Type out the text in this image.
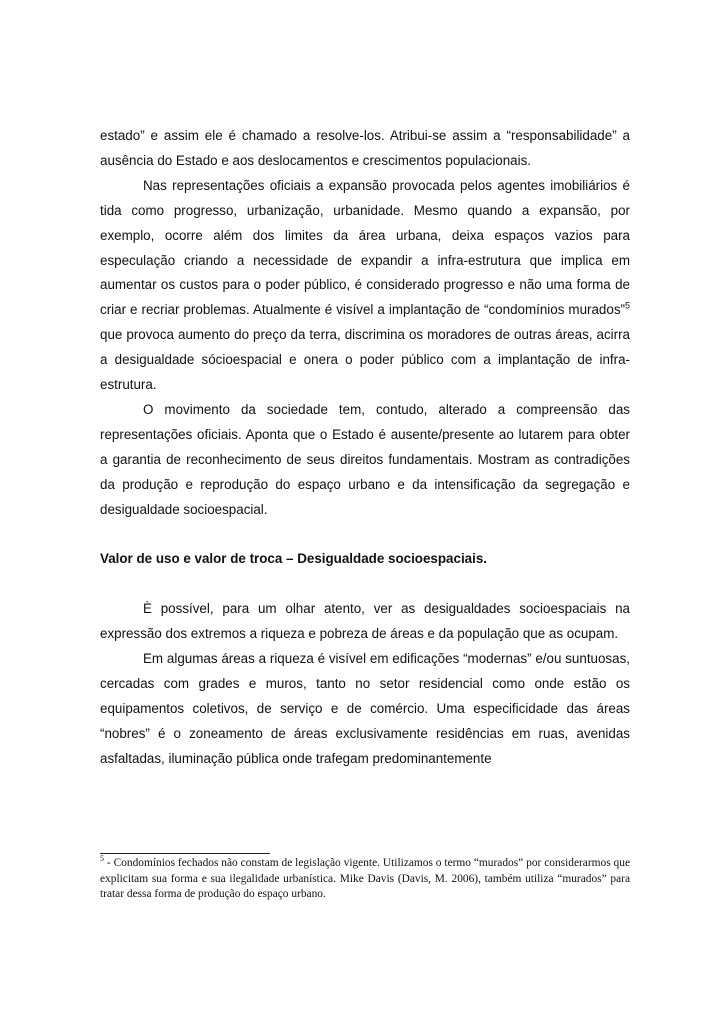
estado” e assim ele é chamado a resolve-los. Atribui-se assim a “responsabilidade” a ausência do Estado e aos deslocamentos e crescimentos populacionais.

Nas representações oficiais a expansão provocada pelos agentes imobiliários é tida como progresso, urbanização, urbanidade. Mesmo quando a expansão, por exemplo, ocorre além dos limites da área urbana, deixa espaços vazios para especulação criando a necessidade de expandir a infra-estrutura que implica em aumentar os custos para o poder público, é considerado progresso e não uma forma de criar e recriar problemas. Atualmente é visível a implantação de “condomínios murados”$^5$ que provoca aumento do preço da terra, discrimina os moradores de outras áreas, acirra a desigualdade sócioespacial e onera o poder público com a implantação de infra-estrutura.

O movimento da sociedade tem, contudo, alterado a compreensão das representações oficiais. Aponta que o Estado é ausente/presente ao lutarem para obter a garantia de reconhecimento de seus direitos fundamentais. Mostram as contradições da produção e reprodução do espaço urbano e da intensificação da segregação e desigualdade socioespacial.

Valor de uso e valor de troca – Desigualdade socioespaciais.

È possível, para um olhar atento, ver as desigualdades socioespaciais na expressão dos extremos a riqueza e pobreza de áreas e da população que as ocupam.

Em algumas áreas a riqueza é visível em edificações “modernas” e/ou suntuosas, cercadas com grades e muros, tanto no setor residencial como onde estão os equipamentos coletivos, de serviço e de comércio. Uma especificidade das áreas “nobres” é o zoneamento de áreas exclusivamente residências em ruas, avenidas asfaltadas, iluminação pública onde trafegam predominantemente

$^5$ - Condomínios fechados não constam de legislação vigente. Utilizamos o termo “murados” por considerarmos que explicitam sua forma e sua ilegalidade urbanística. Mike Davis (Davis, M. 2006), também utiliza “murados” para tratar dessa forma de produção do espaço urbano.
